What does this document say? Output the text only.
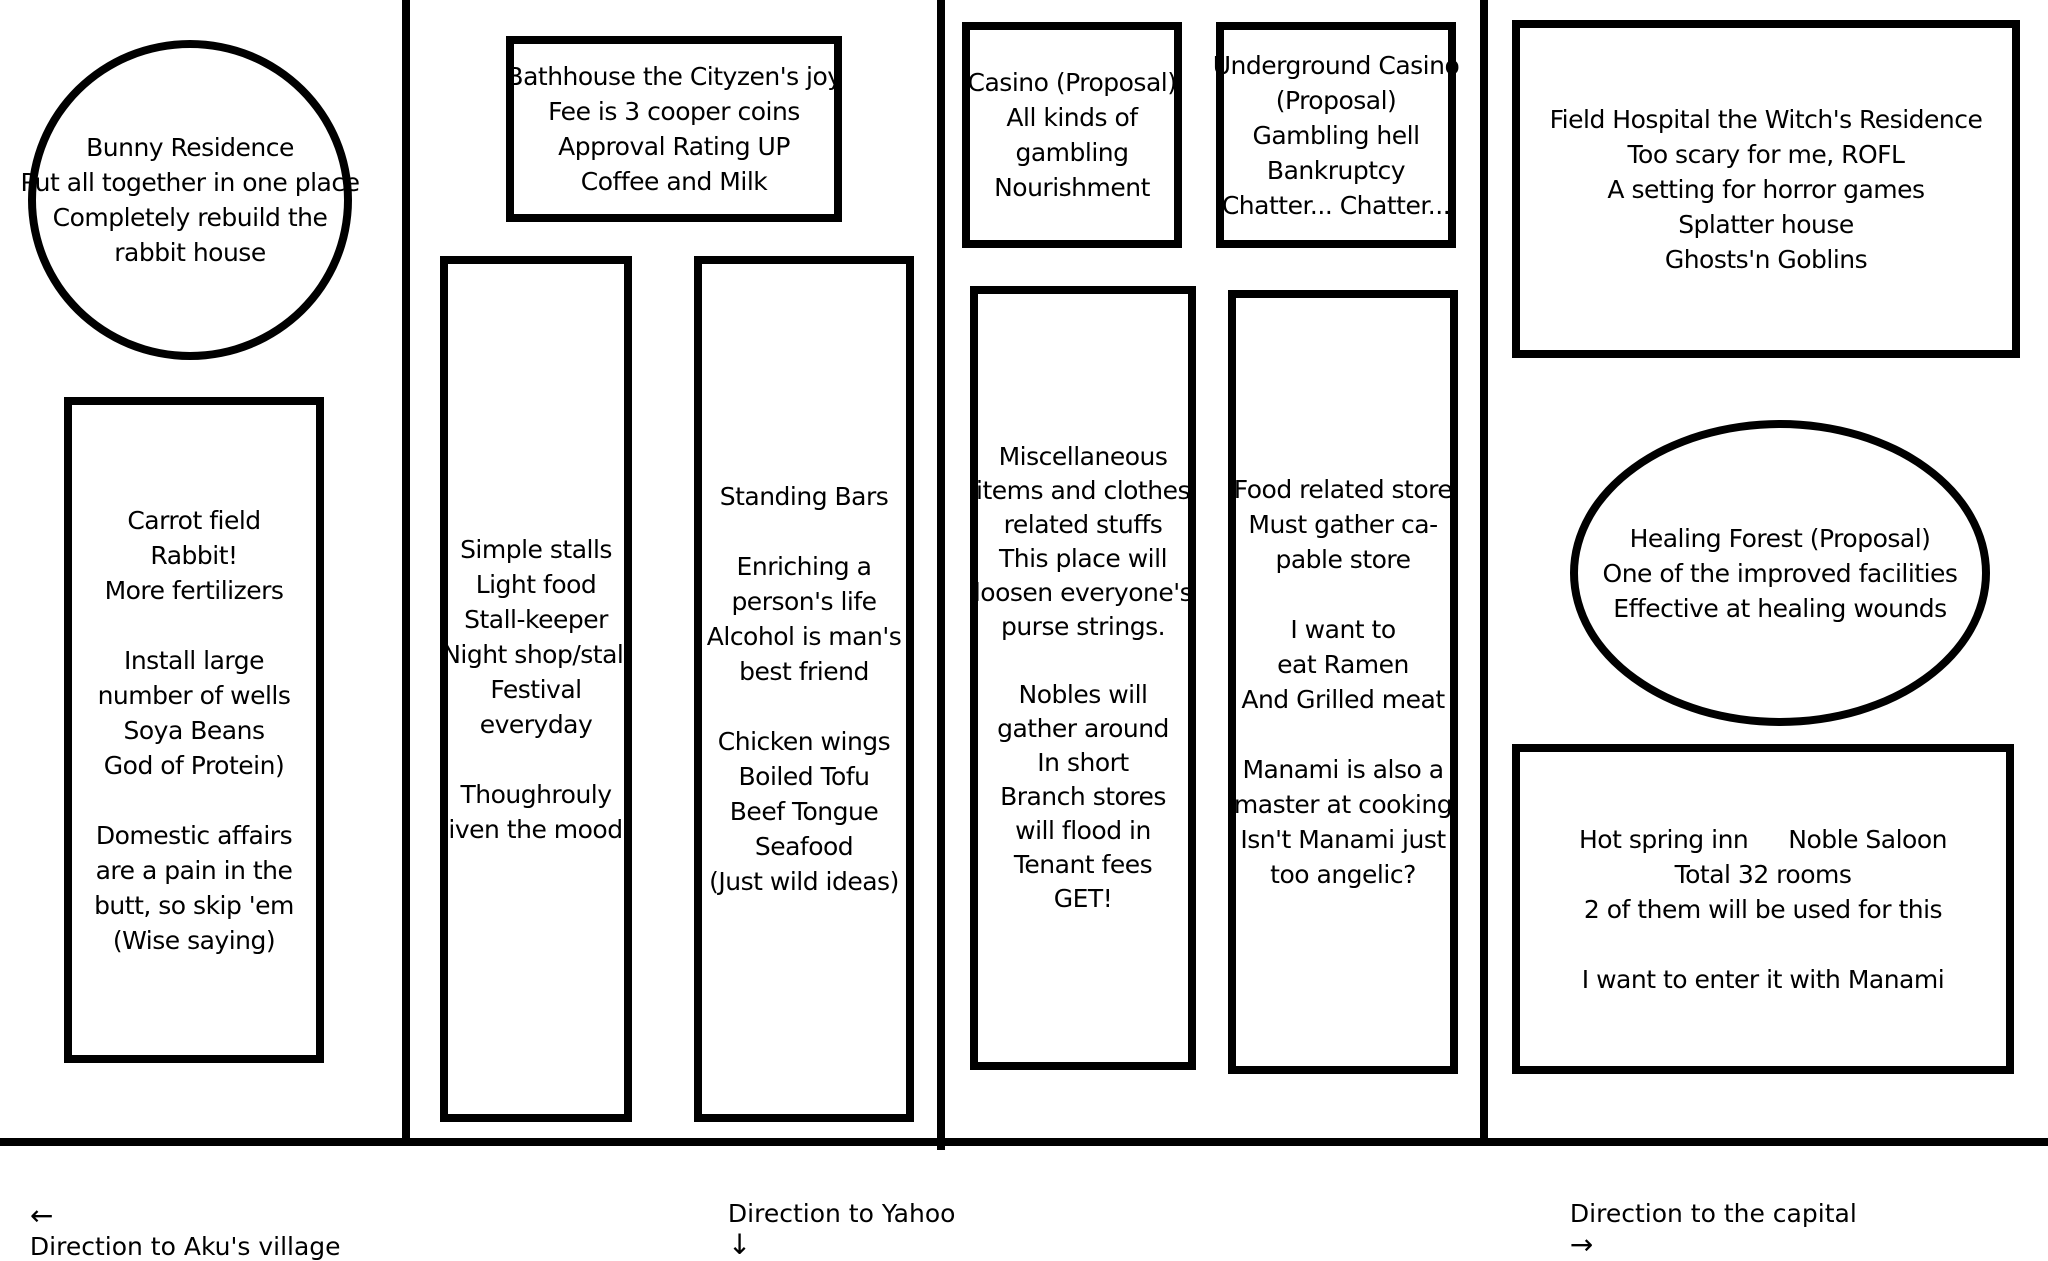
Bunny Residence
Put all together in one place
Completely rebuild the
rabbit house
Carrot field
Rabbit!
More fertilizers

Install large
number of wells
Soya Beans
God of Protein)

Domestic affairs
are a pain in the
butt, so skip 'em
(Wise saying)
Bathhouse the Cityzen's joy
Fee is 3 cooper coins
Approval Rating UP
Coffee and Milk
Simple stalls
Light food
Stall-keeper
Night shop/stall
Festival
everyday

Thoughrouly
liven the mood.
Standing Bars

Enriching a
person's life
Alcohol is man's
best friend

Chicken wings
Boiled Tofu
Beef Tongue
Seafood
(Just wild ideas)
Casino (Proposal)
All kinds of
gambling
Nourishment
Underground Casino
(Proposal)
Gambling hell
Bankruptcy
Chatter... Chatter...
Miscellaneous
items and clothes
related stuffs
This place will
loosen everyone's
purse strings.

Nobles will
gather around
In short
Branch stores
will flood in
Tenant fees
GET!
Food related store
Must gather ca-
pable store

I want to
eat Ramen
And Grilled meat

Manami is also a
master at cooking
Isn't Manami just
too angelic?
Field Hospital the Witch's Residence
Too scary for me, ROFL
A setting for horror games
Splatter house
Ghosts'n Goblins
Healing Forest (Proposal)
One of the improved facilities
Effective at healing wounds
Hot spring inn Noble Saloon
Total 32 rooms
2 of them will be used for this

I want to enter it with Manami

←
Direction to Aku's village

Direction to Yahoo
↓

Direction to the capital
→
